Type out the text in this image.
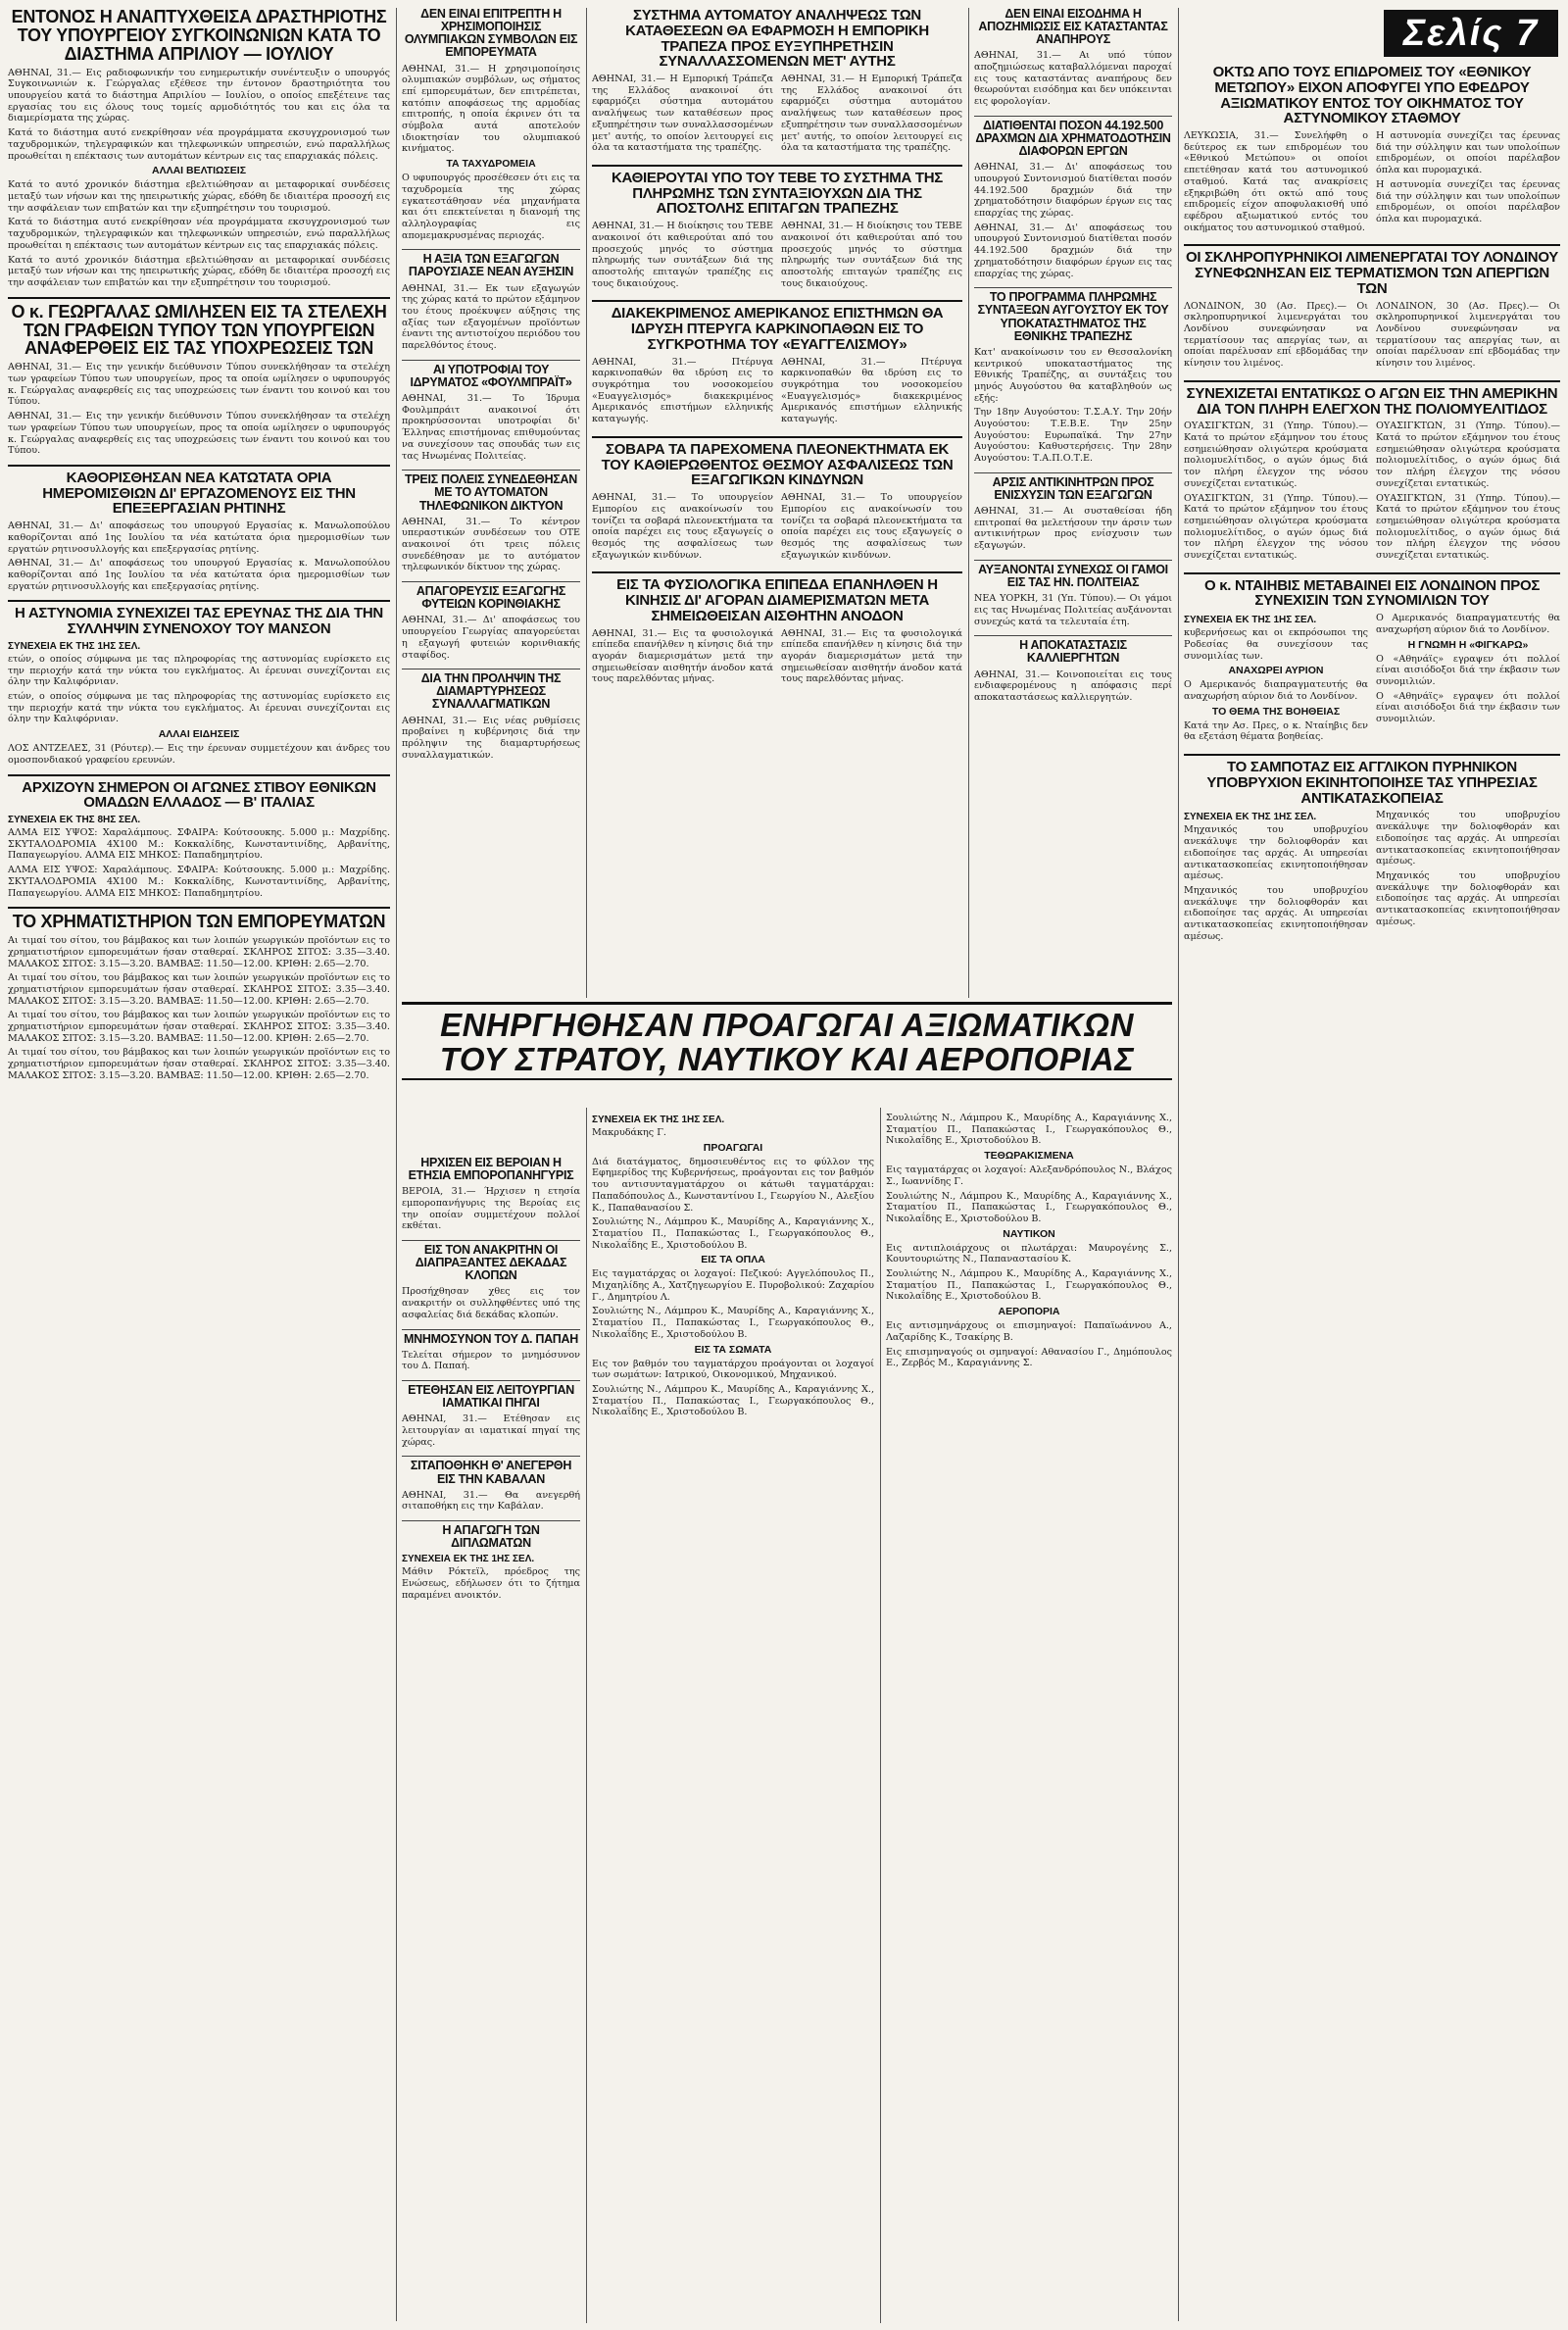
Σελίς 7
ΕΝΤΟΝΟΣ Η ΑΝΑΠΤΥΧΘΕΙΣΑ ΔΡΑΣΤΗΡΙΟΤΗΣ ΤΟΥ ΥΠΟΥΡΓΕΙΟΥ ΣΥΓΚΟΙΝΩΝΙΩΝ ΚΑΤΑ ΤΟ ΔΙΑΣΤΗΜΑ ΑΠΡΙΛΙΟΥ — ΙΟΥΛΙΟΥ

ΑΘΗΝΑΙ, 31.— Εις ραδιοφωνικήν του ενημερωτικήν συνέντευξιν ο υπουργός Συγκοινωνιών κ. Γεώργαλας εξέθεσε την έντονον δραστηριότητα του υπουργείου κατά το διάστημα Απριλίου — Ιουλίου, ο οποίος επεξέτεινε τας εργασίας του εις όλους τους τομείς αρμοδιότητός του και εις όλα τα διαμερίσματα της χώρας.

Κατά το διάστημα αυτό ενεκρίθησαν νέα προγράμματα εκσυγχρονισμού των ταχυδρομικών, τηλεγραφικών και τηλεφωνικών υπηρεσιών, ενώ παραλλήλως προωθείται η επέκτασις των αυτομάτων κέντρων εις τας επαρχιακάς πόλεις.

ΑΛΛΑΙ ΒΕΛΤΙΩΣΕΙΣ

Κατά το αυτό χρονικόν διάστημα εβελτιώθησαν αι μεταφορικαί συνδέσεις μεταξύ των νήσων και της ηπειρωτικής χώρας, εδόθη δε ιδιαιτέρα προσοχή εις την ασφάλειαν των επιβατών και την εξυπηρέτησιν του τουρισμού.

Κατά το διάστημα αυτό ενεκρίθησαν νέα προγράμματα εκσυγχρονισμού των ταχυδρομικών, τηλεγραφικών και τηλεφωνικών υπηρεσιών, ενώ παραλλήλως προωθείται η επέκτασις των αυτομάτων κέντρων εις τας επαρχιακάς πόλεις.

Κατά το αυτό χρονικόν διάστημα εβελτιώθησαν αι μεταφορικαί συνδέσεις μεταξύ των νήσων και της ηπειρωτικής χώρας, εδόθη δε ιδιαιτέρα προσοχή εις την ασφάλειαν των επιβατών και την εξυπηρέτησιν του τουρισμού.

Ο κ. ΓΕΩΡΓΑΛΑΣ ΩΜΙΛΗΣΕΝ ΕΙΣ ΤΑ ΣΤΕΛΕΧΗ ΤΩΝ ΓΡΑΦΕΙΩΝ ΤΥΠΟΥ ΤΩΝ ΥΠΟΥΡΓΕΙΩΝ ΑΝΑΦΕΡΘΕΙΣ ΕΙΣ ΤΑΣ ΥΠΟΧΡΕΩΣΕΙΣ ΤΩΝ

ΑΘΗΝΑΙ, 31.— Εις την γενικήν διεύθυνσιν Τύπου συνεκλήθησαν τα στελέχη των γραφείων Τύπου των υπουργείων, προς τα οποία ωμίλησεν ο υφυπουργός κ. Γεώργαλας αναφερθείς εις τας υποχρεώσεις των έναντι του κοινού και του Τύπου.

ΑΘΗΝΑΙ, 31.— Εις την γενικήν διεύθυνσιν Τύπου συνεκλήθησαν τα στελέχη των γραφείων Τύπου των υπουργείων, προς τα οποία ωμίλησεν ο υφυπουργός κ. Γεώργαλας αναφερθείς εις τας υποχρεώσεις των έναντι του κοινού και του Τύπου.

ΚΑΘΟΡΙΣΘΗΣΑΝ ΝΕΑ ΚΑΤΩΤΑΤΑ ΟΡΙΑ ΗΜΕΡΟΜΙΣΘΙΩΝ ΔΙ' ΕΡΓΑΖΟΜΕΝΟΥΣ ΕΙΣ ΤΗΝ ΕΠΕΞΕΡΓΑΣΙΑΝ ΡΗΤΙΝΗΣ

ΑΘΗΝΑΙ, 31.— Δι' αποφάσεως του υπουργού Εργασίας κ. Μανωλοπούλου καθορίζονται από 1ης Ιουλίου τα νέα κατώτατα όρια ημερομισθίων των εργατών ρητινοσυλλογής και επεξεργασίας ρητίνης.

ΑΘΗΝΑΙ, 31.— Δι' αποφάσεως του υπουργού Εργασίας κ. Μανωλοπούλου καθορίζονται από 1ης Ιουλίου τα νέα κατώτατα όρια ημερομισθίων των εργατών ρητινοσυλλογής και επεξεργασίας ρητίνης.

Η ΑΣΤΥΝΟΜΙΑ ΣΥΝΕΧΙΖΕΙ ΤΑΣ ΕΡΕΥΝΑΣ ΤΗΣ ΔΙΑ ΤΗΝ ΣΥΛΛΗΨΙΝ ΣΥΝΕΝΟΧΟΥ ΤΟΥ ΜΑΝΣΟΝ
ΣΥΝΕΧΕΙΑ ΕΚ ΤΗΣ 1ΗΣ ΣΕΛ.

ετών, ο οποίος σύμφωνα με τας πληροφορίας της αστυνομίας ευρίσκετο εις την περιοχήν κατά την νύκτα του εγκλήματος. Αι έρευναι συνεχίζονται εις όλην την Καλιφόρνιαν.

ετών, ο οποίος σύμφωνα με τας πληροφορίας της αστυνομίας ευρίσκετο εις την περιοχήν κατά την νύκτα του εγκλήματος. Αι έρευναι συνεχίζονται εις όλην την Καλιφόρνιαν.

ΑΛΛΑΙ ΕΙΔΗΣΕΙΣ

ΛΟΣ ΑΝΤΖΕΛΕΣ, 31 (Ρόυτερ).— Εις την έρευναν συμμετέχουν και άνδρες του ομοσπονδιακού γραφείου ερευνών.

ΑΡΧΙΖΟΥΝ ΣΗΜΕΡΟΝ ΟΙ ΑΓΩΝΕΣ ΣΤΙΒΟΥ ΕΘΝΙΚΩΝ ΟΜΑΔΩΝ ΕΛΛΑΔΟΣ — Β' ΙΤΑΛΙΑΣ
ΣΥΝΕΧΕΙΑ ΕΚ ΤΗΣ 8ΗΣ ΣΕΛ.

ΑΛΜΑ ΕΙΣ ΥΨΟΣ: Χαραλάμπους. ΣΦΑΙΡΑ: Κούτσουκης. 5.000 μ.: Μαχρίδης. ΣΚΥΤΑΛΟΔΡΟΜΙΑ 4Χ100 Μ.: Κοκκαλίδης, Κωνσταντινίδης, Αρβανίτης, Παπαγεωργίου. ΑΛΜΑ ΕΙΣ ΜΗΚΟΣ: Παπαδημητρίου.

ΑΛΜΑ ΕΙΣ ΥΨΟΣ: Χαραλάμπους. ΣΦΑΙΡΑ: Κούτσουκης. 5.000 μ.: Μαχρίδης. ΣΚΥΤΑΛΟΔΡΟΜΙΑ 4Χ100 Μ.: Κοκκαλίδης, Κωνσταντινίδης, Αρβανίτης, Παπαγεωργίου. ΑΛΜΑ ΕΙΣ ΜΗΚΟΣ: Παπαδημητρίου.

ΤΟ ΧΡΗΜΑΤΙΣΤΗΡΙΟΝ ΤΩΝ ΕΜΠΟΡΕΥΜΑΤΩΝ

Αι τιμαί του σίτου, του βάμβακος και των λοιπών γεωργικών προϊόντων εις το χρηματιστήριον εμπορευμάτων ήσαν σταθεραί. ΣΚΛΗΡΟΣ ΣΙΤΟΣ: 3.35—3.40. ΜΑΛΑΚΟΣ ΣΙΤΟΣ: 3.15—3.20. ΒΑΜΒΑΞ: 11.50—12.00. ΚΡΙΘΗ: 2.65—2.70.

Αι τιμαί του σίτου, του βάμβακος και των λοιπών γεωργικών προϊόντων εις το χρηματιστήριον εμπορευμάτων ήσαν σταθεραί. ΣΚΛΗΡΟΣ ΣΙΤΟΣ: 3.35—3.40. ΜΑΛΑΚΟΣ ΣΙΤΟΣ: 3.15—3.20. ΒΑΜΒΑΞ: 11.50—12.00. ΚΡΙΘΗ: 2.65—2.70.

Αι τιμαί του σίτου, του βάμβακος και των λοιπών γεωργικών προϊόντων εις το χρηματιστήριον εμπορευμάτων ήσαν σταθεραί. ΣΚΛΗΡΟΣ ΣΙΤΟΣ: 3.35—3.40. ΜΑΛΑΚΟΣ ΣΙΤΟΣ: 3.15—3.20. ΒΑΜΒΑΞ: 11.50—12.00. ΚΡΙΘΗ: 2.65—2.70.

Αι τιμαί του σίτου, του βάμβακος και των λοιπών γεωργικών προϊόντων εις το χρηματιστήριον εμπορευμάτων ήσαν σταθεραί. ΣΚΛΗΡΟΣ ΣΙΤΟΣ: 3.35—3.40. ΜΑΛΑΚΟΣ ΣΙΤΟΣ: 3.15—3.20. ΒΑΜΒΑΞ: 11.50—12.00. ΚΡΙΘΗ: 2.65—2.70.

ΔΕΝ ΕΙΝΑΙ ΕΠΙΤΡΕΠΤΗ Η ΧΡΗΣΙΜΟΠΟΙΗΣΙΣ ΟΛΥΜΠΙΑΚΩΝ ΣΥΜΒΟΛΩΝ ΕΙΣ ΕΜΠΟΡΕΥΜΑΤΑ

ΑΘΗΝΑΙ, 31.— Η χρησιμοποίησις ολυμπιακών συμβόλων, ως σήματος επί εμπορευμάτων, δεν επιτρέπεται, κατόπιν αποφάσεως της αρμοδίας επιτροπής, η οποία έκρινεν ότι τα σύμβολα αυτά αποτελούν ιδιοκτησίαν του ολυμπιακού κινήματος.

ΤΑ ΤΑΧΥΔΡΟΜΕΙΑ

Ο υφυπουργός προσέθεσεν ότι εις τα ταχυδρομεία της χώρας εγκατεστάθησαν νέα μηχανήματα και ότι επεκτείνεται η διανομή της αλληλογραφίας εις απομεμακρυσμένας περιοχάς.

Η ΑΞΙΑ ΤΩΝ ΕΞΑΓΩΓΩΝ ΠΑΡΟΥΣΙΑΣΕ ΝΕΑΝ ΑΥΞΗΣΙΝ

ΑΘΗΝΑΙ, 31.— Εκ των εξαγωγών της χώρας κατά το πρώτον εξάμηνον του έτους προέκυψεν αύξησις της αξίας των εξαγομένων προϊόντων έναντι της αντιστοίχου περιόδου του παρελθόντος έτους.

ΑΙ ΥΠΟΤΡΟΦΙΑΙ ΤΟΥ ΙΔΡΥΜΑΤΟΣ «ΦΟΥΛΜΠΡΑΪΤ»

ΑΘΗΝΑΙ, 31.— Το Ίδρυμα Φουλμπράιτ ανακοινοί ότι προκηρύσσονται υποτροφίαι δι' Έλληνας επιστήμονας επιθυμούντας να συνεχίσουν τας σπουδάς των εις τας Ηνωμένας Πολιτείας.

ΤΡΕΙΣ ΠΟΛΕΙΣ ΣΥΝΕΔΕΘΗΣΑΝ ΜΕ ΤΟ ΑΥΤΟΜΑΤΟΝ ΤΗΛΕΦΩΝΙΚΟΝ ΔΙΚΤΥΟΝ

ΑΘΗΝΑΙ, 31.— Το κέντρον υπεραστικών συνδέσεων του ΟΤΕ ανακοινοί ότι τρεις πόλεις συνεδέθησαν με το αυτόματον τηλεφωνικόν δίκτυον της χώρας.

ΑΠΑΓΟΡΕΥΣΙΣ ΕΞΑΓΩΓΗΣ ΦΥΤΕΙΩΝ ΚΟΡΙΝΘΙΑΚΗΣ

ΑΘΗΝΑΙ, 31.— Δι' αποφάσεως του υπουργείου Γεωργίας απαγορεύεται η εξαγωγή φυτειών κορινθιακής σταφίδος.

ΔΙΑ ΤΗΝ ΠΡΟΛΗΨΙΝ ΤΗΣ ΔΙΑΜΑΡΤΥΡΗΣΕΩΣ ΣΥΝΑΛΛΑΓΜΑΤΙΚΩΝ

ΑΘΗΝΑΙ, 31.— Εις νέας ρυθμίσεις προβαίνει η κυβέρνησις διά την πρόληψιν της διαμαρτυρήσεως συναλλαγματικών.

ΗΡΧΙΣΕΝ ΕΙΣ ΒΕΡΟΙΑΝ Η ΕΤΗΣΙΑ ΕΜΠΟΡΟΠΑΝΗΓΥΡΙΣ

ΒΕΡΟΙΑ, 31.— Ήρχισεν η ετησία εμποροπανήγυρις της Βεροίας εις την οποίαν συμμετέχουν πολλοί εκθέται.

ΕΙΣ ΤΟΝ ΑΝΑΚΡΙΤΗΝ ΟΙ ΔΙΑΠΡΑΞΑΝΤΕΣ ΔΕΚΑΔΑΣ ΚΛΟΠΩΝ

Προσήχθησαν χθες εις τον ανακριτήν οι συλληφθέντες υπό της ασφαλείας διά δεκάδας κλοπών.

ΜΝΗΜΟΣΥΝΟΝ ΤΟΥ Δ. ΠΑΠΑΗ

Τελείται σήμερον το μνημόσυνον του Δ. Παπαή.

ΕΤΕΘΗΣΑΝ ΕΙΣ ΛΕΙΤΟΥΡΓΙΑΝ ΙΑΜΑΤΙΚΑΙ ΠΗΓΑΙ

ΑΘΗΝΑΙ, 31.— Ετέθησαν εις λειτουργίαν αι ιαματικαί πηγαί της χώρας.

ΣΙΤΑΠΟΘΗΚΗ Θ' ΑΝΕΓΕΡΘΗ ΕΙΣ ΤΗΝ ΚΑΒΑΛΑΝ

ΑΘΗΝΑΙ, 31.— Θα ανεγερθή σιταποθήκη εις την Καβάλαν.

Η ΑΠΑΓΩΓΗ ΤΩΝ ΔΙΠΛΩΜΑΤΩΝ
ΣΥΝΕΧΕΙΑ ΕΚ ΤΗΣ 1ΗΣ ΣΕΛ.

Μάθιν Ρόκτεϊλ, πρόεδρος της Ενώσεως, εδήλωσεν ότι το ζήτημα παραμένει ανοικτόν.

ΣΥΣΤΗΜΑ ΑΥΤΟΜΑΤΟΥ ΑΝΑΛΗΨΕΩΣ ΤΩΝ ΚΑΤΑΘΕΣΕΩΝ ΘΑ ΕΦΑΡΜΟΣΗ Η ΕΜΠΟΡΙΚΗ ΤΡΑΠΕΖΑ ΠΡΟΣ ΕΥΞΥΠΗΡΕΤΗΣΙΝ ΣΥΝΑΛΛΑΣΣΟΜΕΝΩΝ ΜΕΤ' ΑΥΤΗΣ

ΑΘΗΝΑΙ, 31.— Η Εμπορική Τράπεζα της Ελλάδος ανακοινοί ότι εφαρμόζει σύστημα αυτομάτου αναλήψεως των καταθέσεων προς εξυπηρέτησιν των συναλλασσομένων μετ' αυτής, το οποίον λειτουργεί εις όλα τα καταστήματα της τραπέζης.

ΑΘΗΝΑΙ, 31.— Η Εμπορική Τράπεζα της Ελλάδος ανακοινοί ότι εφαρμόζει σύστημα αυτομάτου αναλήψεως των καταθέσεων προς εξυπηρέτησιν των συναλλασσομένων μετ' αυτής, το οποίον λειτουργεί εις όλα τα καταστήματα της τραπέζης.

ΚΑΘΙΕΡΟΥΤΑΙ ΥΠΟ ΤΟΥ ΤΕΒΕ ΤΟ ΣΥΣΤΗΜΑ ΤΗΣ ΠΛΗΡΩΜΗΣ ΤΩΝ ΣΥΝΤΑΞΙΟΥΧΩΝ ΔΙΑ ΤΗΣ ΑΠΟΣΤΟΛΗΣ ΕΠΙΤΑΓΩΝ ΤΡΑΠΕΖΗΣ

ΑΘΗΝΑΙ, 31.— Η διοίκησις του ΤΕΒΕ ανακοινοί ότι καθιερούται από του προσεχούς μηνός το σύστημα πληρωμής των συντάξεων διά της αποστολής επιταγών τραπέζης εις τους δικαιούχους.

ΑΘΗΝΑΙ, 31.— Η διοίκησις του ΤΕΒΕ ανακοινοί ότι καθιερούται από του προσεχούς μηνός το σύστημα πληρωμής των συντάξεων διά της αποστολής επιταγών τραπέζης εις τους δικαιούχους.

ΔΙΑΚΕΚΡΙΜΕΝΟΣ ΑΜΕΡΙΚΑΝΟΣ ΕΠΙΣΤΗΜΩΝ ΘΑ ΙΔΡΥΣΗ ΠΤΕΡΥΓΑ ΚΑΡΚΙΝΟΠΑΘΩΝ ΕΙΣ ΤΟ ΣΥΓΚΡΟΤΗΜΑ ΤΟΥ «ΕΥΑΓΓΕΛΙΣΜΟΥ»

ΑΘΗΝΑΙ, 31.— Πτέρυγα καρκινοπαθών θα ιδρύση εις το συγκρότημα του νοσοκομείου «Ευαγγελισμός» διακεκριμένος Αμερικανός επιστήμων ελληνικής καταγωγής.

ΑΘΗΝΑΙ, 31.— Πτέρυγα καρκινοπαθών θα ιδρύση εις το συγκρότημα του νοσοκομείου «Ευαγγελισμός» διακεκριμένος Αμερικανός επιστήμων ελληνικής καταγωγής.

ΣΟΒΑΡΑ ΤΑ ΠΑΡΕΧΟΜΕΝΑ ΠΛΕΟΝΕΚΤΗΜΑΤΑ ΕΚ ΤΟΥ ΚΑΘΙΕΡΩΘΕΝΤΟΣ ΘΕΣΜΟΥ ΑΣΦΑΛΙΣΕΩΣ ΤΩΝ ΕΞΑΓΩΓΙΚΩΝ ΚΙΝΔΥΝΩΝ

ΑΘΗΝΑΙ, 31.— Το υπουργείον Εμπορίου εις ανακοίνωσίν του τονίζει τα σοβαρά πλεονεκτήματα τα οποία παρέχει εις τους εξαγωγείς ο θεσμός της ασφαλίσεως των εξαγωγικών κινδύνων.

ΑΘΗΝΑΙ, 31.— Το υπουργείον Εμπορίου εις ανακοίνωσίν του τονίζει τα σοβαρά πλεονεκτήματα τα οποία παρέχει εις τους εξαγωγείς ο θεσμός της ασφαλίσεως των εξαγωγικών κινδύνων.

ΕΙΣ ΤΑ ΦΥΣΙΟΛΟΓΙΚΑ ΕΠΙΠΕΔΑ ΕΠΑΝΗΛΘΕΝ Η ΚΙΝΗΣΙΣ ΔΙ' ΑΓΟΡΑΝ ΔΙΑΜΕΡΙΣΜΑΤΩΝ ΜΕΤΑ ΣΗΜΕΙΩΘΕΙΣΑΝ ΑΙΣΘΗΤΗΝ ΑΝΟΔΟΝ

ΑΘΗΝΑΙ, 31.— Εις τα φυσιολογικά επίπεδα επανήλθεν η κίνησις διά την αγοράν διαμερισμάτων μετά την σημειωθείσαν αισθητήν άνοδον κατά τους παρελθόντας μήνας.

ΑΘΗΝΑΙ, 31.— Εις τα φυσιολογικά επίπεδα επανήλθεν η κίνησις διά την αγοράν διαμερισμάτων μετά την σημειωθείσαν αισθητήν άνοδον κατά τους παρελθόντας μήνας.

ΔΕΝ ΕΙΝΑΙ ΕΙΣΟΔΗΜΑ Η ΑΠΟΖΗΜΙΩΣΙΣ ΕΙΣ ΚΑΤΑΣΤΑΝΤΑΣ ΑΝΑΠΗΡΟΥΣ

ΑΘΗΝΑΙ, 31.— Αι υπό τύπον αποζημιώσεως καταβαλλόμεναι παροχαί εις τους καταστάντας αναπήρους δεν θεωρούνται εισόδημα και δεν υπόκεινται εις φορολογίαν.

ΔΙΑΤΙΘΕΝΤΑΙ ΠΟΣΟΝ 44.192.500 ΔΡΑΧΜΩΝ ΔΙΑ ΧΡΗΜΑΤΟΔΟΤΗΣΙΝ ΔΙΑΦΟΡΩΝ ΕΡΓΩΝ

ΑΘΗΝΑΙ, 31.— Δι' αποφάσεως του υπουργού Συντονισμού διατίθεται ποσόν 44.192.500 δραχμών διά την χρηματοδότησιν διαφόρων έργων εις τας επαρχίας της χώρας.

ΑΘΗΝΑΙ, 31.— Δι' αποφάσεως του υπουργού Συντονισμού διατίθεται ποσόν 44.192.500 δραχμών διά την χρηματοδότησιν διαφόρων έργων εις τας επαρχίας της χώρας.

ΤΟ ΠΡΟΓΡΑΜΜΑ ΠΛΗΡΩΜΗΣ ΣΥΝΤΑΞΕΩΝ ΑΥΓΟΥΣΤΟΥ ΕΚ ΤΟΥ ΥΠΟΚΑΤΑΣΤΗΜΑΤΟΣ ΤΗΣ ΕΘΝΙΚΗΣ ΤΡΑΠΕΖΗΣ

Κατ' ανακοίνωσιν του εν Θεσσαλονίκη κεντρικού υποκαταστήματος της Εθνικής Τραπέζης, αι συντάξεις του μηνός Αυγούστου θα καταβληθούν ως εξής:

Την 18ην Αυγούστου: Τ.Σ.Α.Υ. Την 20ήν Αυγούστου: Τ.Ε.Β.Ε. Την 25ην Αυγούστου: Ευρωπαϊκά. Την 27ην Αυγούστου: Καθυστερήσεις. Την 28ην Αυγούστου: Τ.Α.Π.Ο.Τ.Ε.

ΑΡΣΙΣ ΑΝΤΙΚΙΝΗΤΡΩΝ ΠΡΟΣ ΕΝΙΣΧΥΣΙΝ ΤΩΝ ΕΞΑΓΩΓΩΝ

ΑΘΗΝΑΙ, 31.— Αι συσταθείσαι ήδη επιτροπαί θα μελετήσουν την άρσιν των αντικινήτρων προς ενίσχυσιν των εξαγωγών.

ΑΥΞΑΝΟΝΤΑΙ ΣΥΝΕΧΩΣ ΟΙ ΓΑΜΟΙ ΕΙΣ ΤΑΣ ΗΝ. ΠΟΛΙΤΕΙΑΣ

ΝΕΑ ΥΟΡΚΗ, 31 (Υπ. Τύπου).— Οι γάμοι εις τας Ηνωμένας Πολιτείας αυξάνονται συνεχώς κατά τα τελευταία έτη.

Η ΑΠΟΚΑΤΑΣΤΑΣΙΣ ΚΑΛΛΙΕΡΓΗΤΩΝ

ΑΘΗΝΑΙ, 31.— Κοινοποιείται εις τους ενδιαφερομένους η απόφασις περί αποκαταστάσεως καλλιεργητών.

ΕΝΗΡΓΗΘΗΣΑΝ ΠΡΟΑΓΩΓΑΙ ΑΞΙΩΜΑΤΙΚΩΝ
ΤΟΥ ΣΤΡΑΤΟΥ, ΝΑΥΤΙΚΟΥ ΚΑΙ ΑΕΡΟΠΟΡΙΑΣ
ΣΥΝΕΧΕΙΑ ΕΚ ΤΗΣ 1ΗΣ ΣΕΛ.

Μακρυδάκης Γ.

ΠΡΟΑΓΩΓΑΙ

Διά διατάγματος, δημοσιευθέντος εις το φύλλον της Εφημερίδος της Κυβερνήσεως, προάγονται εις τον βαθμόν του αντισυνταγματάρχου οι κάτωθι ταγματάρχαι: Παπαδόπουλος Δ., Κωνσταντίνου Ι., Γεωργίου Ν., Αλεξίου Κ., Παπαθανασίου Σ.

Σουλιώτης Ν., Λάμπρου Κ., Μαυρίδης Α., Καραγιάννης Χ., Σταματίου Π., Παπακώστας Ι., Γεωργακόπουλος Θ., Νικολαΐδης Ε., Χριστοδούλου Β.

ΕΙΣ ΤΑ ΟΠΛΑ

Εις ταγματάρχας οι λοχαγοί: Πεζικού: Αγγελόπουλος Π., Μιχαηλίδης Α., Χατζηγεωργίου Ε. Πυροβολικού: Ζαχαρίου Γ., Δημητρίου Λ.

Σουλιώτης Ν., Λάμπρου Κ., Μαυρίδης Α., Καραγιάννης Χ., Σταματίου Π., Παπακώστας Ι., Γεωργακόπουλος Θ., Νικολαΐδης Ε., Χριστοδούλου Β.

ΕΙΣ ΤΑ ΣΩΜΑΤΑ

Εις τον βαθμόν του ταγματάρχου προάγονται οι λοχαγοί των σωμάτων: Ιατρικού, Οικονομικού, Μηχανικού.

Σουλιώτης Ν., Λάμπρου Κ., Μαυρίδης Α., Καραγιάννης Χ., Σταματίου Π., Παπακώστας Ι., Γεωργακόπουλος Θ., Νικολαΐδης Ε., Χριστοδούλου Β.

Σουλιώτης Ν., Λάμπρου Κ., Μαυρίδης Α., Καραγιάννης Χ., Σταματίου Π., Παπακώστας Ι., Γεωργακόπουλος Θ., Νικολαΐδης Ε., Χριστοδούλου Β.

ΤΕΘΩΡΑΚΙΣΜΕΝΑ

Εις ταγματάρχας οι λοχαγοί: Αλεξανδρόπουλος Ν., Βλάχος Σ., Ιωαννίδης Γ.

Σουλιώτης Ν., Λάμπρου Κ., Μαυρίδης Α., Καραγιάννης Χ., Σταματίου Π., Παπακώστας Ι., Γεωργακόπουλος Θ., Νικολαΐδης Ε., Χριστοδούλου Β.

ΝΑΥΤΙΚΟΝ

Εις αντιπλοιάρχους οι πλωτάρχαι: Μαυρογένης Σ., Κουντουριώτης Ν., Παπαναστασίου Κ.

Σουλιώτης Ν., Λάμπρου Κ., Μαυρίδης Α., Καραγιάννης Χ., Σταματίου Π., Παπακώστας Ι., Γεωργακόπουλος Θ., Νικολαΐδης Ε., Χριστοδούλου Β.

ΑΕΡΟΠΟΡΙΑ

Εις αντισμηνάρχους οι επισμηναγοί: Παπαϊωάννου Α., Λαζαρίδης Κ., Τσακίρης Β.

Εις επισμηναγούς οι σμηναγοί: Αθανασίου Γ., Δημόπουλος Ε., Ζερβός Μ., Καραγιάννης Σ.

ΟΚΤΩ ΑΠΟ ΤΟΥΣ ΕΠΙΔΡΟΜΕΙΣ ΤΟΥ «ΕΘΝΙΚΟΥ ΜΕΤΩΠΟΥ» ΕΙΧΟΝ ΑΠΟΦΥΓΕΙ ΥΠΟ ΕΦΕΔΡΟΥ ΑΞΙΩΜΑΤΙΚΟΥ ΕΝΤΟΣ ΤΟΥ ΟΙΚΗΜΑΤΟΣ ΤΟΥ ΑΣΤΥΝΟΜΙΚΟΥ ΣΤΑΘΜΟΥ

ΛΕΥΚΩΣΙΑ, 31.— Συνελήφθη ο δεύτερος εκ των επιδρομέων του «Εθνικού Μετώπου» οι οποίοι επετέθησαν κατά του αστυνομικού σταθμού. Κατά τας ανακρίσεις εξηκριβώθη ότι οκτώ από τους επιδρομείς είχον αποφυλακισθή υπό εφέδρου αξιωματικού εντός του οικήματος του αστυνομικού σταθμού.

Η αστυνομία συνεχίζει τας έρευνας διά την σύλληψιν και των υπολοίπων επιδρομέων, οι οποίοι παρέλαβον όπλα και πυρομαχικά.

Η αστυνομία συνεχίζει τας έρευνας διά την σύλληψιν και των υπολοίπων επιδρομέων, οι οποίοι παρέλαβον όπλα και πυρομαχικά.

ΟΙ ΣΚΛΗΡΟΠΥΡΗΝΙΚΟΙ ΛΙΜΕΝΕΡΓΑΤΑΙ ΤΟΥ ΛΟΝΔΙΝΟΥ ΣΥΝΕΦΩΝΗΣΑΝ ΕΙΣ ΤΕΡΜΑΤΙΣΜΟΝ ΤΩΝ ΑΠΕΡΓΙΩΝ ΤΩΝ

ΛΟΝΔΙΝΟΝ, 30 (Ασ. Πρες).— Οι σκληροπυρηνικοί λιμενεργάται του Λονδίνου συνεφώνησαν να τερματίσουν τας απεργίας των, αι οποίαι παρέλυσαν επί εβδομάδας την κίνησιν του λιμένος.

ΛΟΝΔΙΝΟΝ, 30 (Ασ. Πρες).— Οι σκληροπυρηνικοί λιμενεργάται του Λονδίνου συνεφώνησαν να τερματίσουν τας απεργίας των, αι οποίαι παρέλυσαν επί εβδομάδας την κίνησιν του λιμένος.

ΣΥΝΕΧΙΖΕΤΑΙ ΕΝΤΑΤΙΚΩΣ Ο ΑΓΩΝ ΕΙΣ ΤΗΝ ΑΜΕΡΙΚΗΝ ΔΙΑ ΤΟΝ ΠΛΗΡΗ ΕΛΕΓΧΟΝ ΤΗΣ ΠΟΛΙΟΜΥΕΛΙΤΙΔΟΣ

ΟΥΑΣΙΓΚΤΩΝ, 31 (Υπηρ. Τύπου).— Κατά το πρώτον εξάμηνον του έτους εσημειώθησαν ολιγώτερα κρούσματα πολιομυελίτιδος, ο αγών όμως διά τον πλήρη έλεγχον της νόσου συνεχίζεται εντατικώς.

ΟΥΑΣΙΓΚΤΩΝ, 31 (Υπηρ. Τύπου).— Κατά το πρώτον εξάμηνον του έτους εσημειώθησαν ολιγώτερα κρούσματα πολιομυελίτιδος, ο αγών όμως διά τον πλήρη έλεγχον της νόσου συνεχίζεται εντατικώς.

ΟΥΑΣΙΓΚΤΩΝ, 31 (Υπηρ. Τύπου).— Κατά το πρώτον εξάμηνον του έτους εσημειώθησαν ολιγώτερα κρούσματα πολιομυελίτιδος, ο αγών όμως διά τον πλήρη έλεγχον της νόσου συνεχίζεται εντατικώς.

ΟΥΑΣΙΓΚΤΩΝ, 31 (Υπηρ. Τύπου).— Κατά το πρώτον εξάμηνον του έτους εσημειώθησαν ολιγώτερα κρούσματα πολιομυελίτιδος, ο αγών όμως διά τον πλήρη έλεγχον της νόσου συνεχίζεται εντατικώς.

Ο κ. ΝΤΑΙΗΒΙΣ ΜΕΤΑΒΑΙΝΕΙ ΕΙΣ ΛΟΝΔΙΝΟΝ ΠΡΟΣ ΣΥΝΕΧΙΣΙΝ ΤΩΝ ΣΥΝΟΜΙΛΙΩΝ ΤΟΥ
ΣΥΝΕΧΕΙΑ ΕΚ ΤΗΣ 1ΗΣ ΣΕΛ.

κυβερνήσεως και οι εκπρόσωποι της Ροδεσίας θα συνεχίσουν τας συνομιλίας των.

ΑΝΑΧΩΡΕΙ ΑΥΡΙΟΝ

Ο Αμερικανός διαπραγματευτής θα αναχωρήση αύριον διά το Λονδίνον.

ΤΟ ΘΕΜΑ ΤΗΣ ΒΟΗΘΕΙΑΣ

Κατά την Ασ. Πρες, ο κ. Νταίηβις δεν θα εξετάση θέματα βοηθείας.

Ο Αμερικανός διαπραγματευτής θα αναχωρήση αύριον διά το Λονδίνον.

Η ΓΝΩΜΗ Η «ΦΙΓΚΑΡΩ»

Ο «Αθηνάϊς» εγραψεν ότι πολλοί είναι αισιόδοξοι διά την έκβασιν των συνομιλιών.

Ο «Αθηνάϊς» εγραψεν ότι πολλοί είναι αισιόδοξοι διά την έκβασιν των συνομιλιών.

ΤΟ ΣΑΜΠΟΤΑΖ ΕΙΣ ΑΓΓΛΙΚΟΝ ΠΥΡΗΝΙΚΟΝ ΥΠΟΒΡΥΧΙΟΝ ΕΚΙΝΗΤΟΠΟΙΗΣΕ ΤΑΣ ΥΠΗΡΕΣΙΑΣ ΑΝΤΙΚΑΤΑΣΚΟΠΕΙΑΣ
ΣΥΝΕΧΕΙΑ ΕΚ ΤΗΣ 1ΗΣ ΣΕΛ.

Μηχανικός του υποβρυχίου ανεκάλυψε την δολιοφθοράν και ειδοποίησε τας αρχάς. Αι υπηρεσίαι αντικατασκοπείας εκινητοποιήθησαν αμέσως.

Μηχανικός του υποβρυχίου ανεκάλυψε την δολιοφθοράν και ειδοποίησε τας αρχάς. Αι υπηρεσίαι αντικατασκοπείας εκινητοποιήθησαν αμέσως.

Μηχανικός του υποβρυχίου ανεκάλυψε την δολιοφθοράν και ειδοποίησε τας αρχάς. Αι υπηρεσίαι αντικατασκοπείας εκινητοποιήθησαν αμέσως.

Μηχανικός του υποβρυχίου ανεκάλυψε την δολιοφθοράν και ειδοποίησε τας αρχάς. Αι υπηρεσίαι αντικατασκοπείας εκινητοποιήθησαν αμέσως.
